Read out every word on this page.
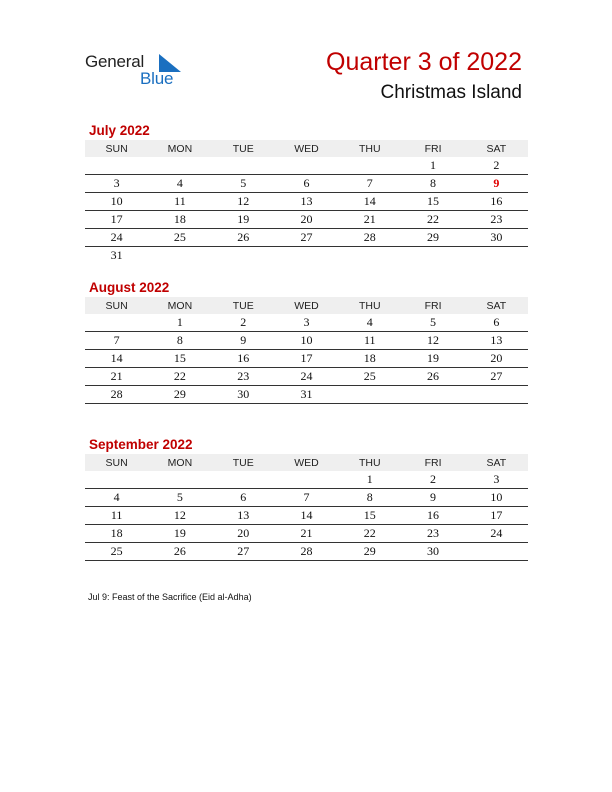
General
Blue
Quarter 3 of 2022
Christmas Island
July 2022
SUN	MON	TUE	WED	THU	FRI	SAT
					1	2
3	4	5	6	7	8	9
10	11	12	13	14	15	16
17	18	19	20	21	22	23
24	25	26	27	28	29	30
31						
August 2022
SUN	MON	TUE	WED	THU	FRI	SAT
	1	2	3	4	5	6
7	8	9	10	11	12	13
14	15	16	17	18	19	20
21	22	23	24	25	26	27
28	29	30	31			
September 2022
SUN	MON	TUE	WED	THU	FRI	SAT
				1	2	3
4	5	6	7	8	9	10
11	12	13	14	15	16	17
18	19	20	21	22	23	24
25	26	27	28	29	30	
Jul 9: Feast of the Sacrifice (Eid al-Adha)
